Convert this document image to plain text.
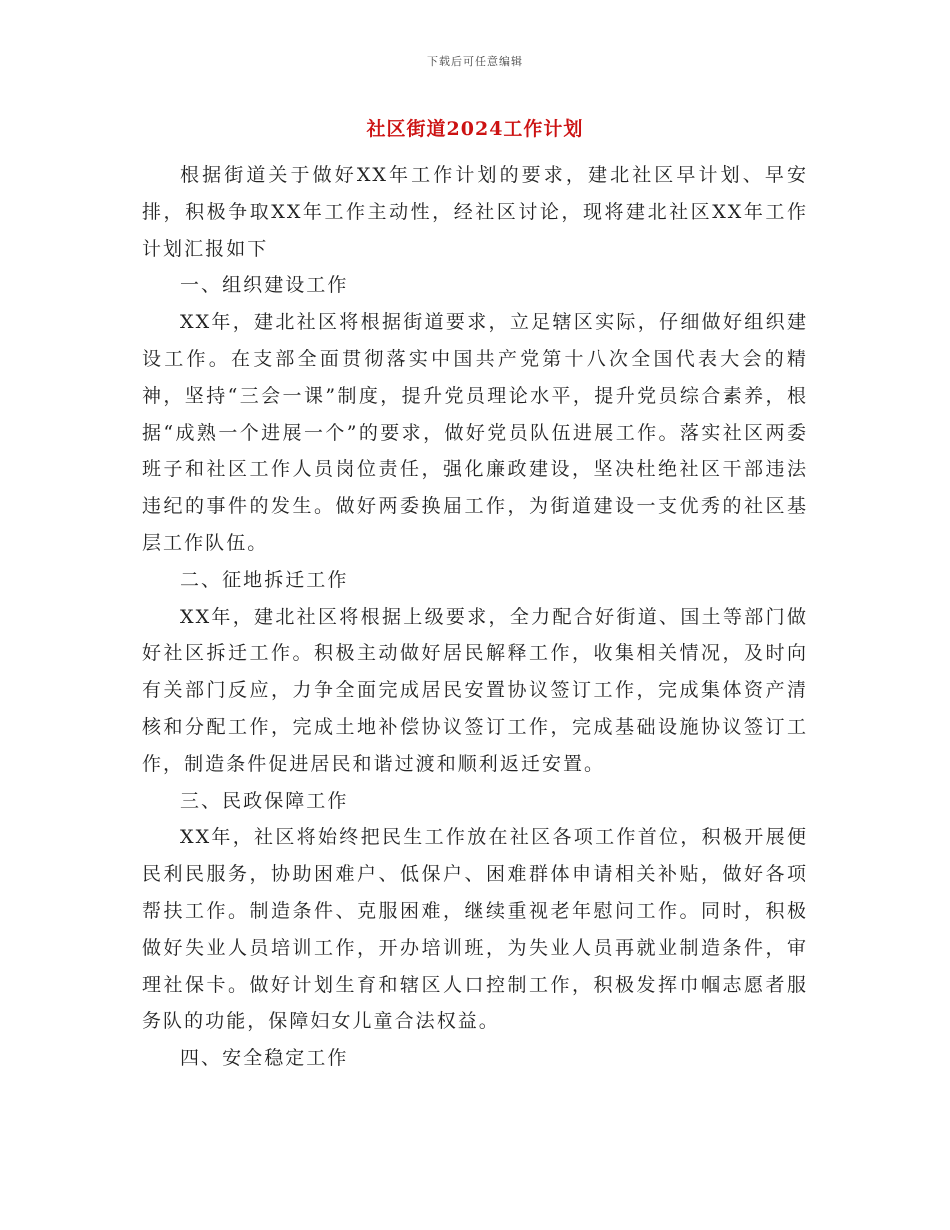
下载后可任意编辑
社区街道2024工作计划

根据街道关于做好XX年工作计划的要求，建北社区早计划、早安排，积极争取XX年工作主动性，经社区讨论，现将建北社区XX年工作计划汇报如下

一、组织建设工作

XX年，建北社区将根据街道要求，立足辖区实际，仔细做好组织建设工作。在支部全面贯彻落实中国共产党第十八次全国代表大会的精神，坚持“三会一课”制度，提升党员理论水平，提升党员综合素养，根据“成熟一个进展一个”的要求，做好党员队伍进展工作。落实社区两委班子和社区工作人员岗位责任，强化廉政建设，坚决杜绝社区干部违法违纪的事件的发生。做好两委换届工作，为街道建设一支优秀的社区基层工作队伍。

二、征地拆迁工作

XX年，建北社区将根据上级要求，全力配合好街道、国土等部门做好社区拆迁工作。积极主动做好居民解释工作，收集相关情况，及时向有关部门反应，力争全面完成居民安置协议签订工作，完成集体资产清核和分配工作，完成土地补偿协议签订工作，完成基础设施协议签订工作，制造条件促进居民和谐过渡和顺利返迁安置。

三、民政保障工作

XX年，社区将始终把民生工作放在社区各项工作首位，积极开展便民利民服务，协助困难户、低保户、困难群体申请相关补贴，做好各项帮扶工作。制造条件、克服困难，继续重视老年慰问工作。同时，积极做好失业人员培训工作，开办培训班，为失业人员再就业制造条件，审理社保卡。做好计划生育和辖区人口控制工作，积极发挥巾帼志愿者服务队的功能，保障妇女儿童合法权益。

四、安全稳定工作
